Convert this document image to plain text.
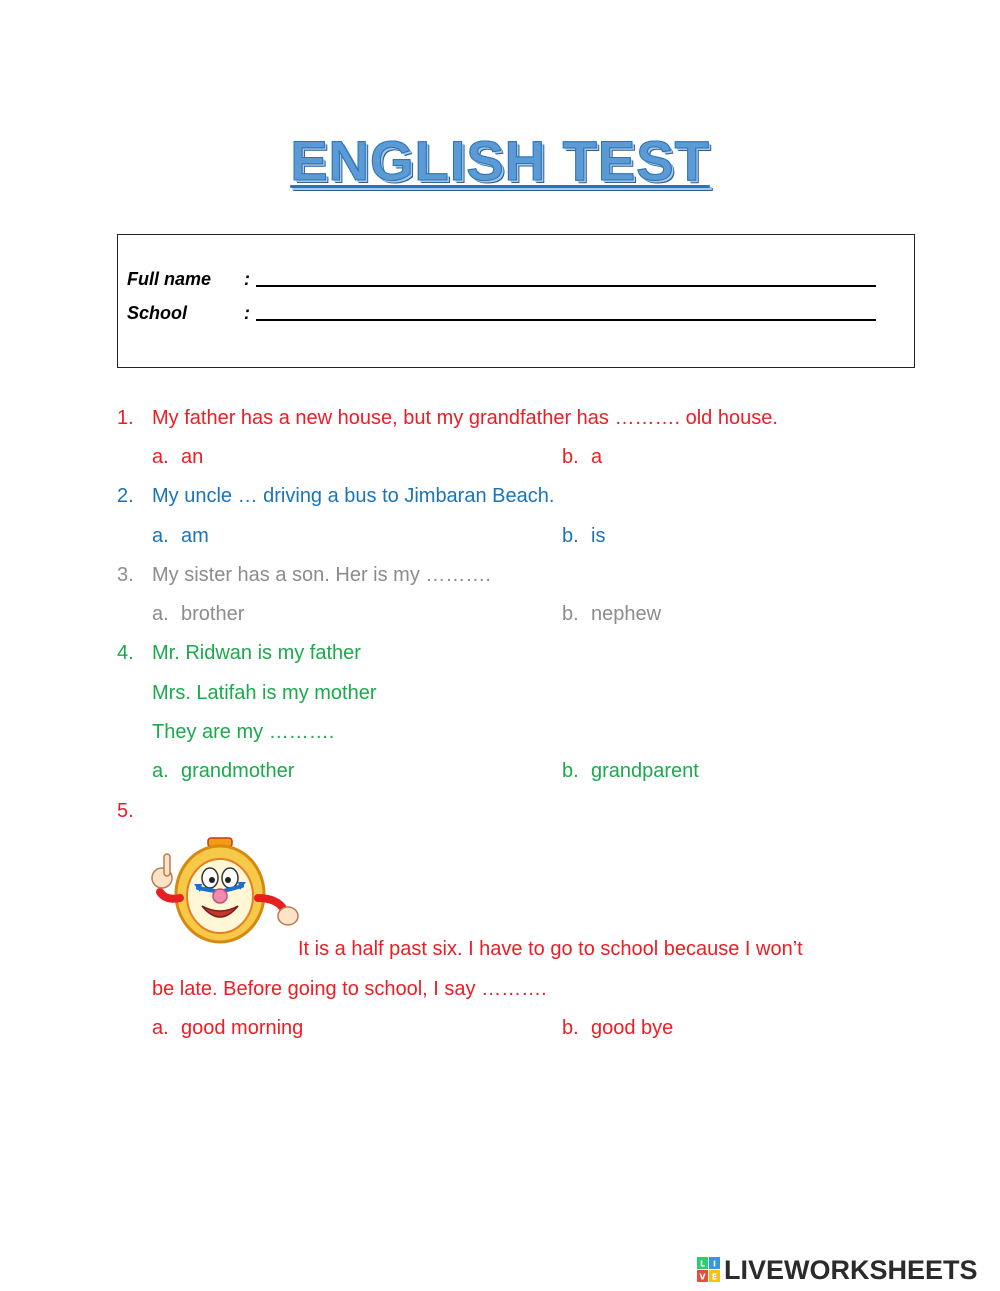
ENGLISH TEST
Full name	:
School	:
1. My father has a new house, but my grandfather has ………. old house.
a. an	b. a
2. My uncle … driving a bus to Jimbaran Beach.
a. am	b. is
3. My sister has a son. Her is my ……….
a. brother	b. nephew
4. Mr. Ridwan is my father
Mrs. Latifah is my mother
They are my ……….
a. grandmother	b. grandparent
5.
It is a half past six. I have to go to school because I won’t
be late. Before going to school, I say ……….
a. good morning	b. good bye
L I
V E LIVEWORKSHEETS
